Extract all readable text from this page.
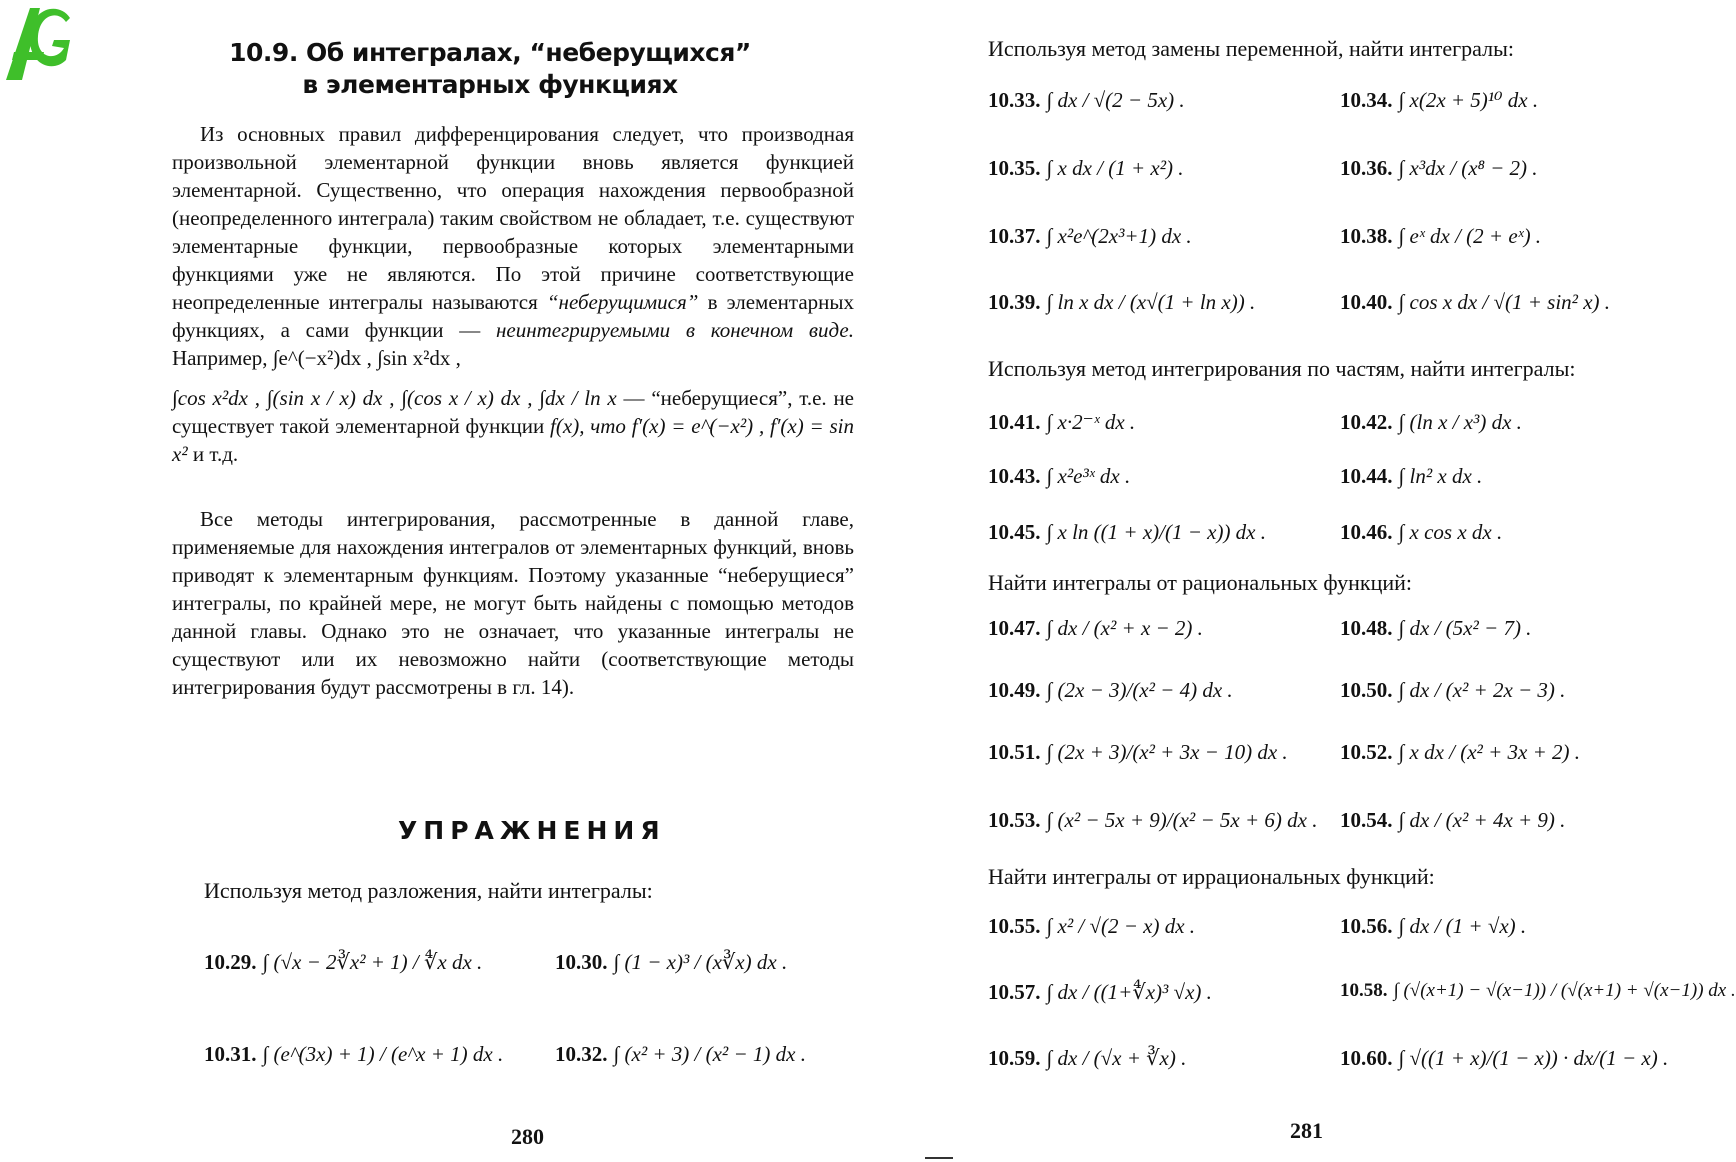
10.9. Об интегралах, “неберущихся”
в элементарных функциях

Из основных правил дифференцирования следует, что производная произвольной элементарной функции вновь является функцией элементарной. Существенно, что операция нахождения первообразной (неопределенного интеграла) таким свойством не обладает, т.е. существуют элементарные функции, первообразные которых элементарными функциями уже не являются. По этой причине соответствующие неопределенные интегралы называются “неберущимися” в элементарных функциях, а сами функции — неинтегрируемыми в конечном виде. Например, ∫e^(−x²)dx , ∫sin x²dx ,

∫cos x²dx , ∫(sin x / x) dx , ∫(cos x / x) dx , ∫dx / ln x — “неберущиеся”, т.е. не существует такой элементарной функции f(x), что f′(x) = e^(−x²) , f′(x) = sin x² и т.д.

Все методы интегрирования, рассмотренные в данной главе, применяемые для нахождения интегралов от элементарных функций, вновь приводят к элементарным функциям. Поэтому указанные “неберущиеся” интегралы, по крайней мере, не могут быть найдены с помощью методов данной главы. Однако это не означает, что указанные интегралы не существуют или их невозможно найти (соответствующие методы интегрирования будут рассмотрены в гл. 14).

УПРАЖНЕНИЯ
Используя метод разложения, найти интегралы:
10.29. ∫ (√x − 2∛x² + 1) / ∜x dx .	10.30. ∫ (1 − x)³ / (x∛x) dx .
10.31. ∫ (e^(3x) + 1) / (e^x + 1) dx . 10.32. ∫ (x² + 3) / (x² − 1) dx .
280
Используя метод замены переменной, найти интегралы:
10.33. ∫ dx / √(2 − 5x) .	10.34. ∫ x(2x + 5)¹⁰ dx .
10.35. ∫ x dx / (1 + x²) .	10.36. ∫ x³dx / (x⁸ − 2) .
10.37. ∫ x²e^(2x³+1) dx .	10.38. ∫ eˣ dx / (2 + eˣ) .
10.39. ∫ ln x dx / (x√(1 + ln x)) .	10.40. ∫ cos x dx / √(1 + sin² x) .
Используя метод интегрирования по частям, найти интегралы:
10.41. ∫ x·2⁻ˣ dx .	10.42. ∫ (ln x / x³) dx .
10.43. ∫ x²e³ˣ dx .	10.44. ∫ ln² x dx .
10.45. ∫ x ln ((1 + x)/(1 − x)) dx .	10.46. ∫ x cos x dx .
Найти интегралы от рациональных функций:
10.47. ∫ dx / (x² + x − 2) .	10.48. ∫ dx / (5x² − 7) .
10.49. ∫ (2x − 3)/(x² − 4) dx .	10.50. ∫ dx / (x² + 2x − 3) .
10.51. ∫ (2x + 3)/(x² + 3x − 10) dx . 10.52. ∫ x dx / (x² + 3x + 2) .
10.53. ∫ (x² − 5x + 9)/(x² − 5x + 6) dx . 10.54. ∫ dx / (x² + 4x + 9) .
Найти интегралы от иррациональных функций:
10.55. ∫ x² / √(2 − x) dx .	10.56. ∫ dx / (1 + √x) .
10.57. ∫ dx / ((1+∜x)³ √x) .	10.58. ∫ (√(x+1) − √(x−1)) / (√(x+1) + √(x−1)) dx .
10.59. ∫ dx / (√x + ∛x) .	10.60. ∫ √((1 + x)/(1 − x)) · dx/(1 − x) .
281
